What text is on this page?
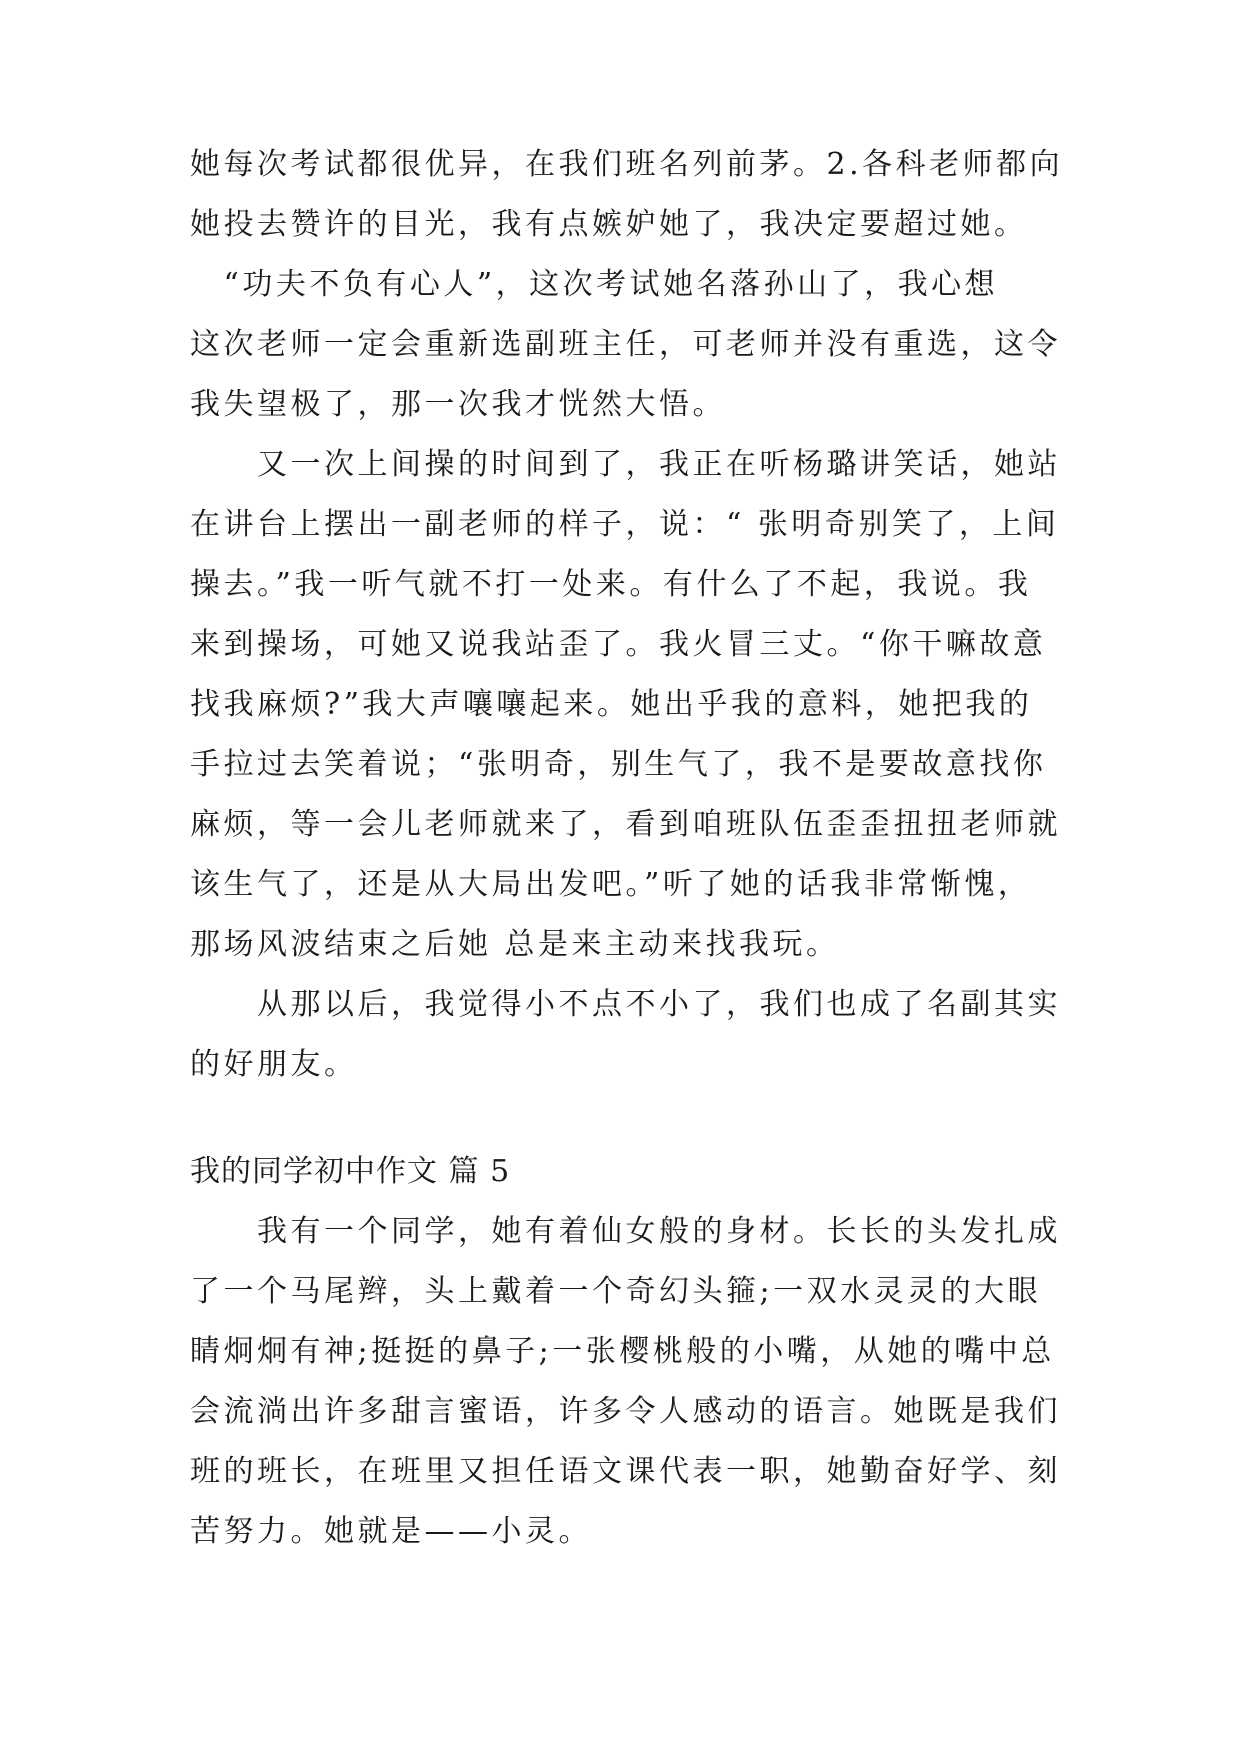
她每次考试都很优异，在我们班名列前茅。2.各科老师都向
她投去赞许的目光，我有点嫉妒她了，我决定要超过她。
　“功夫不负有心人”，这次考试她名落孙山了，我心想
这次老师一定会重新选副班主任，可老师并没有重选，这令
我失望极了，那一次我才恍然大悟。
　　又一次上间操的时间到了，我正在听杨璐讲笑话，她站
在讲台上摆出一副老师的样子，说：“ 张明奇别笑了，上间
操去。”我一听气就不打一处来。有什么了不起，我说。我
来到操场，可她又说我站歪了。我火冒三丈。“你干嘛故意
找我麻烦?”我大声嚷嚷起来。她出乎我的意料，她把我的
手拉过去笑着说；“张明奇，别生气了，我不是要故意找你
麻烦，等一会儿老师就来了，看到咱班队伍歪歪扭扭老师就
该生气了，还是从大局出发吧。”听了她的话我非常惭愧，
那场风波结束之后她 总是来主动来找我玩。
　　从那以后，我觉得小不点不小了，我们也成了名副其实
的好朋友。
我的同学初中作文 篇 5
　　我有一个同学，她有着仙女般的身材。长长的头发扎成
了一个马尾辫，头上戴着一个奇幻头箍;一双水灵灵的大眼
睛炯炯有神;挺挺的鼻子;一张樱桃般的小嘴，从她的嘴中总
会流淌出许多甜言蜜语，许多令人感动的语言。她既是我们
班的班长，在班里又担任语文课代表一职，她勤奋好学、刻
苦努力。她就是——小灵。
